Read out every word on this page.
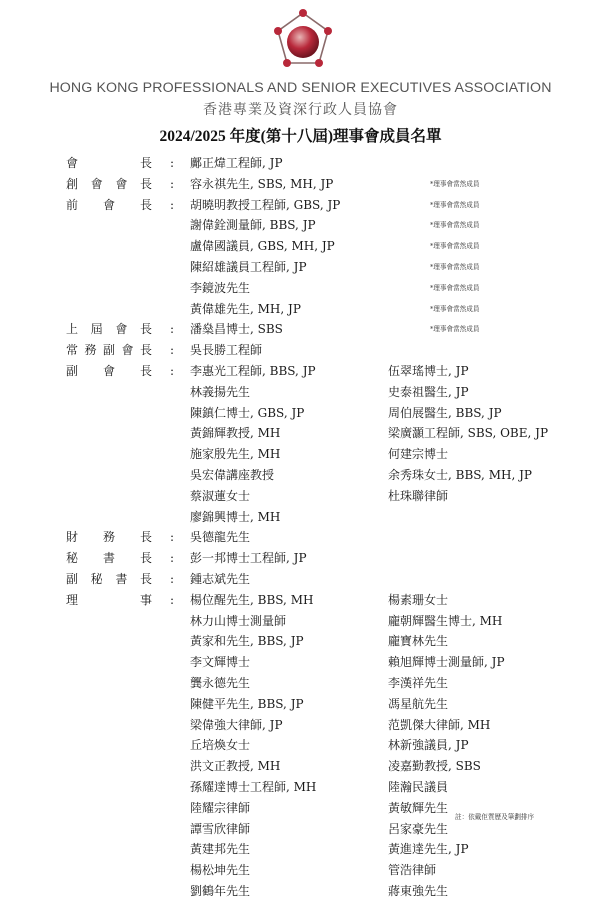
HONG KONG PROFESSIONALS AND SENIOR EXECUTIVES ASSOCIATION
香港專業及資深行政人員協會
2024/2025 年度(第十八屆)理事會成員名單
會長 : 鄺正煒工程師, JP
創會會長 : 容永祺先生, SBS, MH, JP	*理事會當然成員
前會長 : 胡曉明教授工程師, GBS, JP	*理事會當然成員
謝偉銓測量師, BBS, JP	*理事會當然成員
盧偉國議員, GBS, MH, JP	*理事會當然成員
陳紹雄議員工程師, JP	*理事會當然成員
李鏡波先生	*理事會當然成員
黃偉雄先生, MH, JP	*理事會當然成員
上屆會長 : 潘燊昌博士, SBS	*理事會當然成員
常務副會長 : 吳長勝工程師
副會長 : 李惠光工程師, BBS, JP	伍翠瑤博士, JP
林義揚先生	史泰祖醫生, JP
陳鎮仁博士, GBS, JP	周伯展醫生, BBS, JP
黃錦輝教授, MH	梁廣灝工程師, SBS, OBE, JP
施家殷先生, MH	何建宗博士
吳宏偉講座教授	余秀珠女士, BBS, MH, JP
蔡淑蓮女士	杜珠聯律師
廖錦興博士, MH
財務長 : 吳德龍先生
秘書長 : 彭一邦博士工程師, JP
副秘書長 : 鍾志斌先生
理事 : 楊位醒先生, BBS, MH	楊素珊女士
林力山博士測量師	龐朝輝醫生博士, MH
黃家和先生, BBS, JP	龐寶林先生
李文輝博士	賴旭輝博士測量師, JP
龔永德先生	李漢祥先生
陳健平先生, BBS, JP	馮星航先生
梁偉強大律師, JP	范凱傑大律師, MH
丘培煥女士	林新強議員, JP
洪文正教授, MH	凌嘉勤教授, SBS
孫耀達博士工程師, MH	陸瀚民議員
陸耀宗律師	黃敏輝先生
譚雪欣律師	呂家豪先生
黃建邦先生	黃進達先生, JP
楊松坤先生	管浩律師
劉鶴年先生	蔣東強先生
註：依戴佢質歷及筆劃排序
